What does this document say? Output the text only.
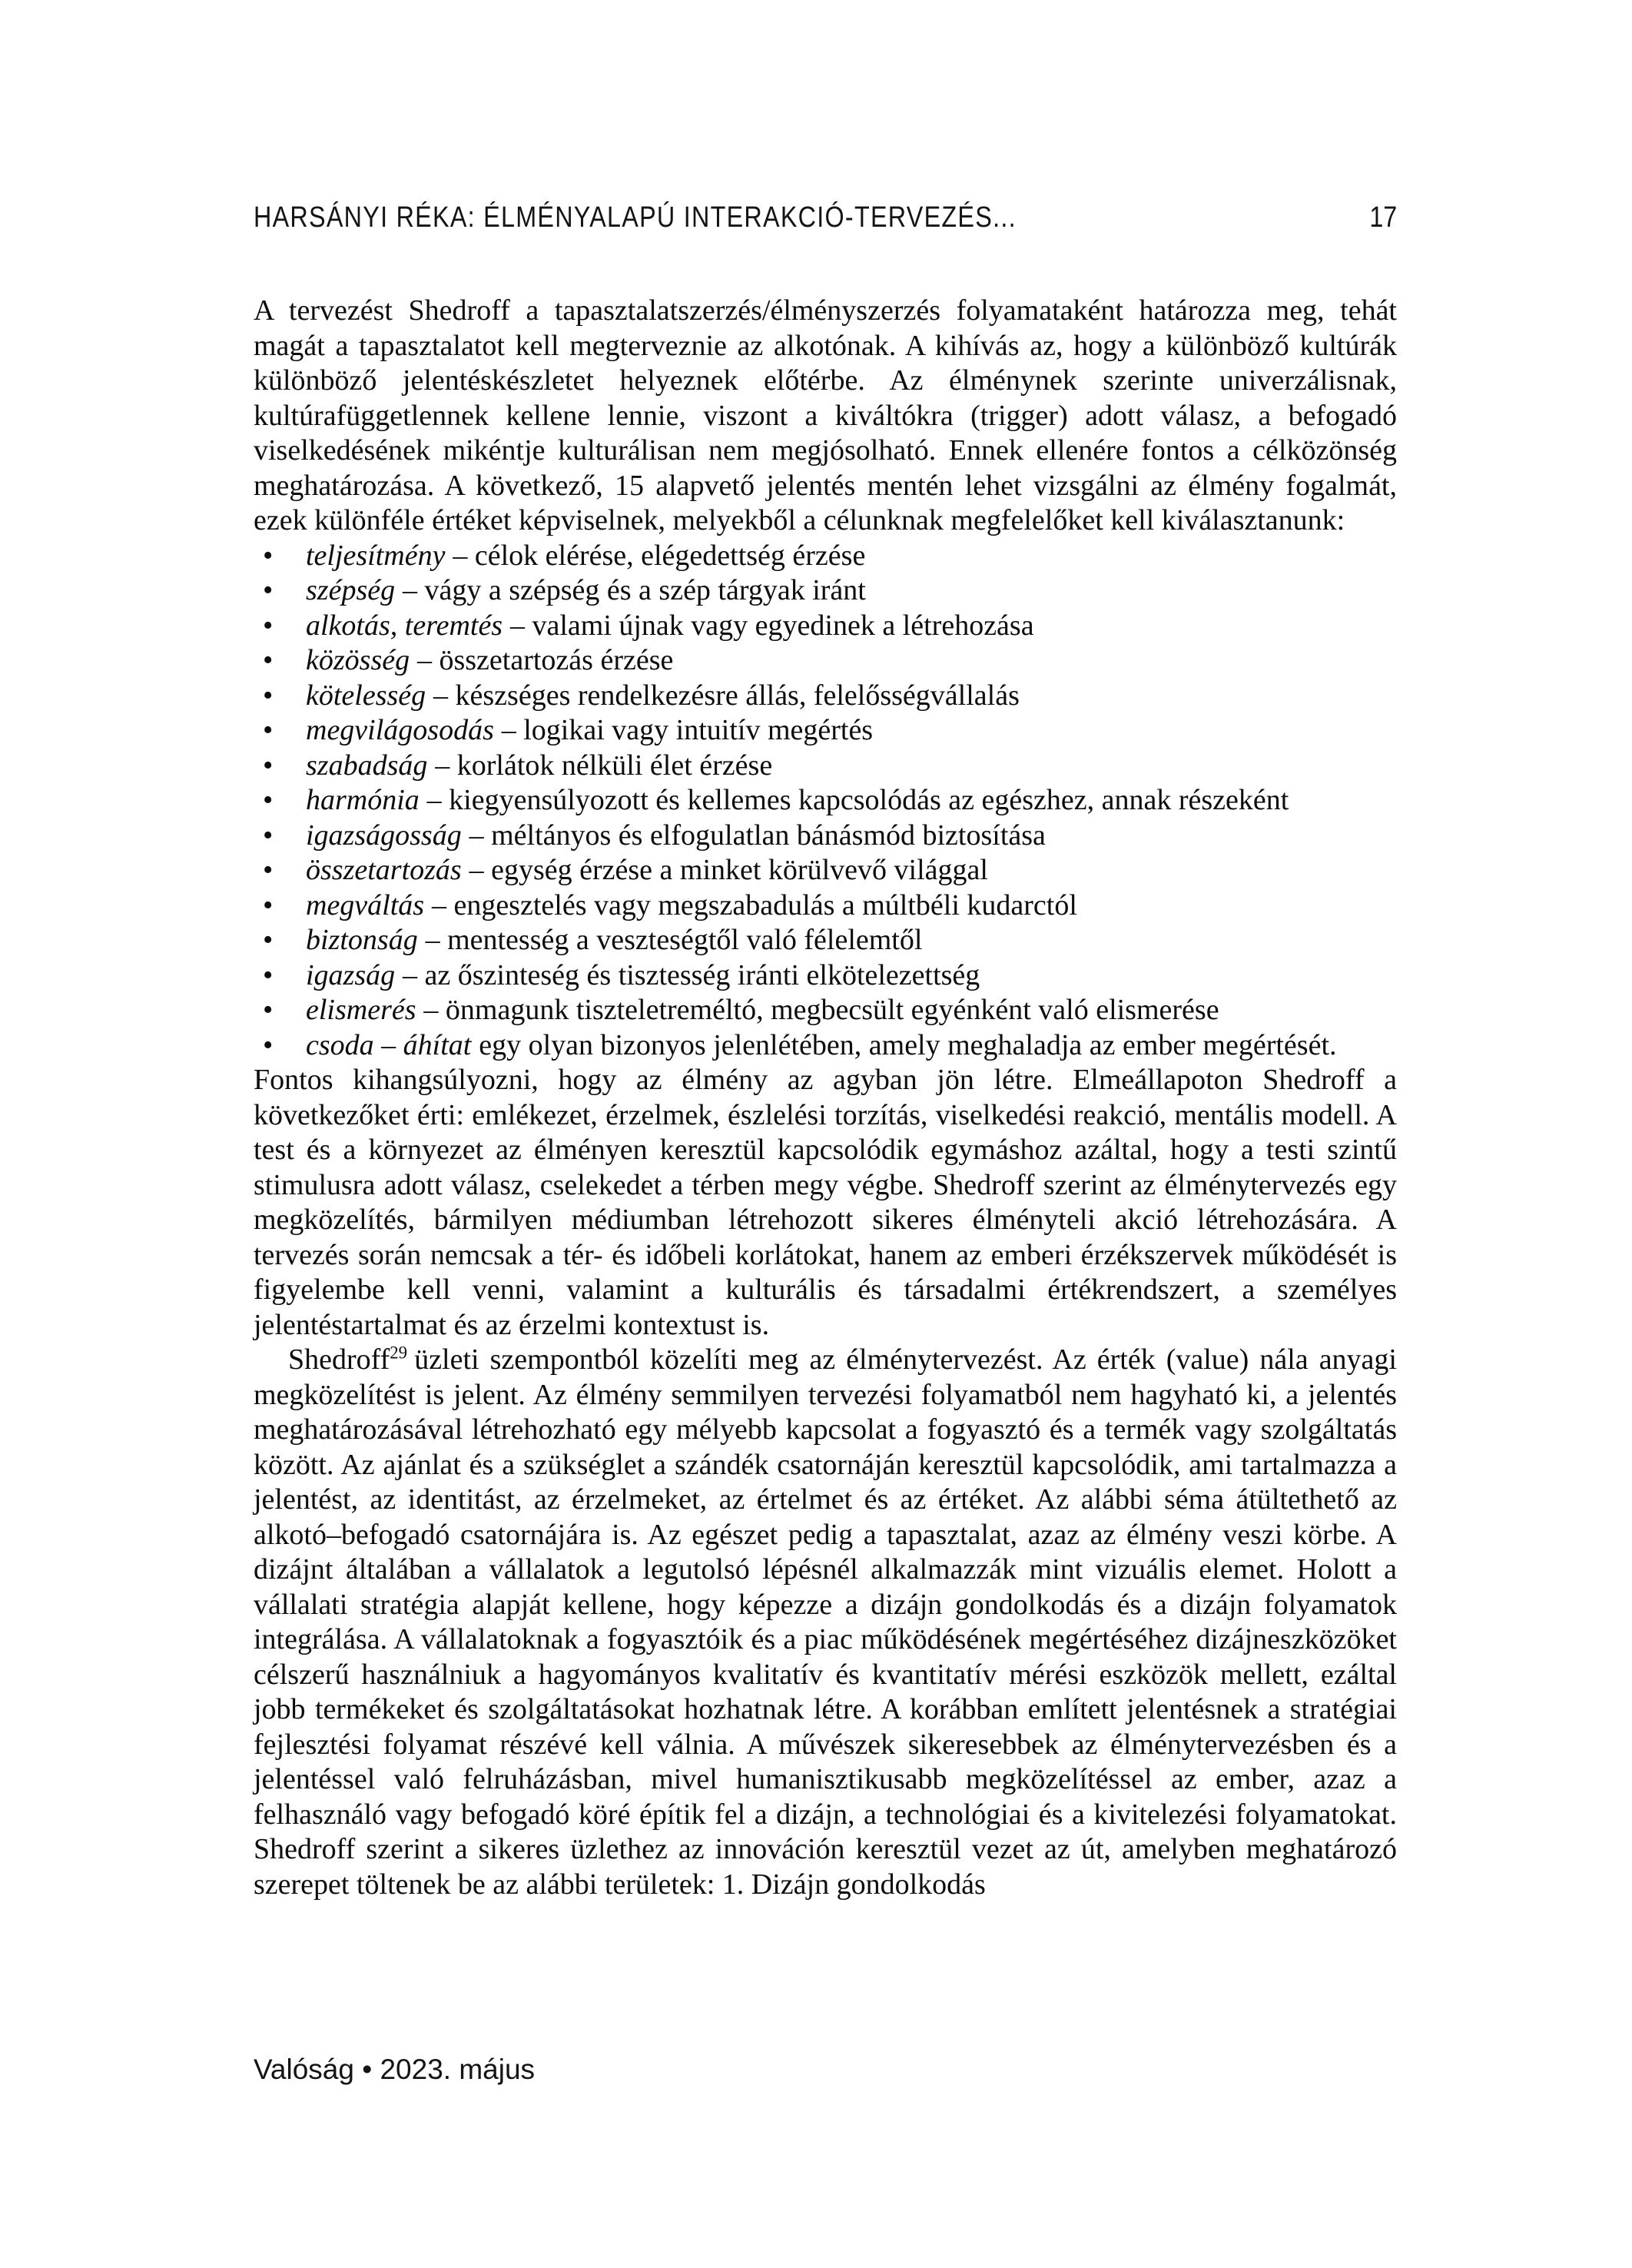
HARSÁNYI RÉKA: ÉLMÉNYALAPÚ INTERAKCIÓ-TERVEZÉS...	17

A tervezést Shedroff a tapasztalatszerzés/élményszerzés folyamataként határozza meg, tehát magát a tapasztalatot kell megterveznie az alkotónak. A kihívás az, hogy a különböző kultúrák különböző jelentéskészletet helyeznek előtérbe. Az élménynek szerinte univerzálisnak, kultúrafüggetlennek kellene lennie, viszont a kiváltókra (trigger) adott válasz, a befogadó viselkedésének mikéntje kulturálisan nem megjósolható. Ennek ellenére fontos a célközönség meghatározása. A következő, 15 alapvető jelentés mentén lehet vizsgálni az élmény fogalmát, ezek különféle értéket képviselnek, melyekből a célunknak megfelelőket kell kiválasztanunk:

• teljesítmény – célok elérése, elégedettség érzése
• szépség – vágy a szépség és a szép tárgyak iránt
• alkotás, teremtés – valami újnak vagy egyedinek a létrehozása
• közösség – összetartozás érzése
• kötelesség – készséges rendelkezésre állás, felelősségvállalás
• megvilágosodás – logikai vagy intuitív megértés
• szabadság – korlátok nélküli élet érzése
• harmónia – kiegyensúlyozott és kellemes kapcsolódás az egészhez, annak részeként
• igazságosság – méltányos és elfogulatlan bánásmód biztosítása
• összetartozás – egység érzése a minket körülvevő világgal
• megváltás – engesztelés vagy megszabadulás a múltbéli kudarctól
• biztonság – mentesség a veszteségtől való félelemtől
• igazság – az őszinteség és tisztesség iránti elkötelezettség
• elismerés – önmagunk tiszteletreméltó, megbecsült egyénként való elismerése
• csoda – áhítat egy olyan bizonyos jelenlétében, amely meghaladja az ember megértését.

Fontos kihangsúlyozni, hogy az élmény az agyban jön létre. Elmeállapoton Shedroff a következőket érti: emlékezet, érzelmek, észlelési torzítás, viselkedési reakció, mentális modell. A test és a környezet az élményen keresztül kapcsolódik egymáshoz azáltal, hogy a testi szintű stimulusra adott válasz, cselekedet a térben megy végbe. Shedroff szerint az élménytervezés egy megközelítés, bármilyen médiumban létrehozott sikeres élményteli akció létrehozására. A tervezés során nemcsak a tér- és időbeli korlátokat, hanem az emberi érzékszervek működését is figyelembe kell venni, valamint a kulturális és társadalmi értékrendszert, a személyes jelentéstartalmat és az érzelmi kontextust is.

Shedroff$^{29}$ üzleti szempontból közelíti meg az élménytervezést. Az érték (value) nála anyagi megközelítést is jelent. Az élmény semmilyen tervezési folyamatból nem hagyható ki, a jelentés meghatározásával létrehozható egy mélyebb kapcsolat a fogyasztó és a termék vagy szolgáltatás között. Az ajánlat és a szükséglet a szándék csatornáján keresztül kapcsolódik, ami tartalmazza a jelentést, az identitást, az érzelmeket, az értelmet és az értéket. Az alábbi séma átültethető az alkotó–befogadó csatornájára is. Az egészet pedig a tapasztalat, azaz az élmény veszi körbe. A dizájnt általában a vállalatok a legutolsó lépésnél alkalmazzák mint vizuális elemet. Holott a vállalati stratégia alapját kellene, hogy képezze a dizájn gondolkodás és a dizájn folyamatok integrálása. A vállalatoknak a fogyasztóik és a piac működésének megértéséhez dizájneszközöket célszerű használniuk a hagyományos kvalitatív és kvantitatív mérési eszközök mellett, ezáltal jobb termékeket és szolgáltatásokat hozhatnak létre. A korábban említett jelentésnek a stratégiai fejlesztési folyamat részévé kell válnia. A művészek sikeresebbek az élménytervezésben és a jelentéssel való felruházásban, mivel humanisztikusabb megközelítéssel az ember, azaz a felhasználó vagy befogadó köré építik fel a dizájn, a technológiai és a kivitelezési folyamatokat. Shedroff szerint a sikeres üzlethez az innováción keresztül vezet az út, amelyben meghatározó szerepet töltenek be az alábbi területek: 1. Dizájn gondolkodás

Valóság • 2023. május
